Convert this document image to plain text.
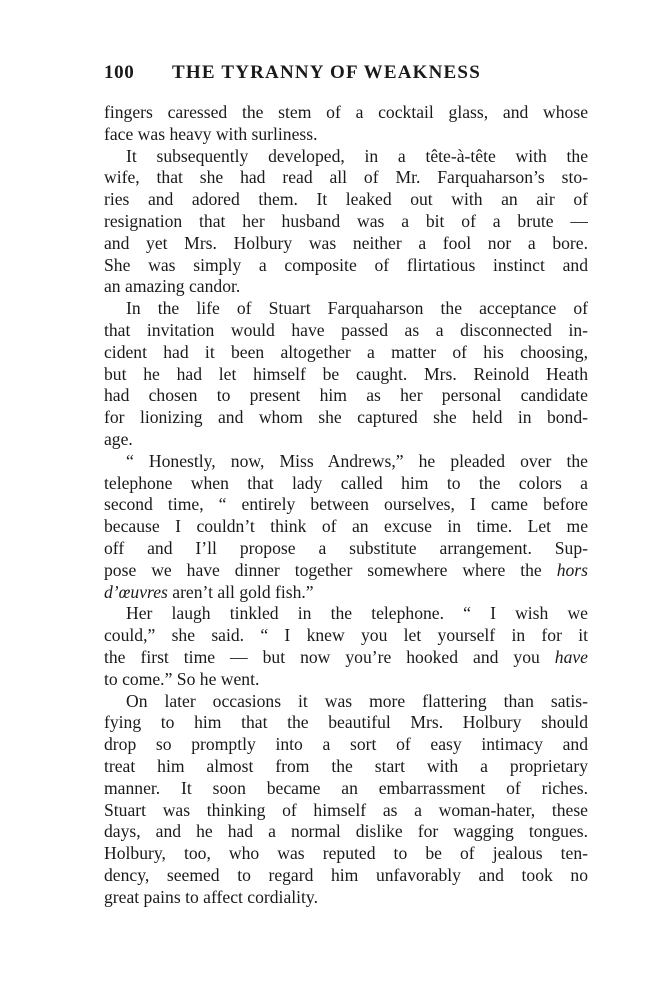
100	THE TYRANNY OF WEAKNESS
fingers caressed the stem of a cocktail glass, and whose
face was heavy with surliness.
It subsequently developed, in a tête-à-tête with the
wife, that she had read all of Mr. Farquaharson’s sto-
ries and adored them. It leaked out with an air of
resignation that her husband was a bit of a brute —
and yet Mrs. Holbury was neither a fool nor a bore.
She was simply a composite of flirtatious instinct and
an amazing candor.
In the life of Stuart Farquaharson the acceptance of
that invitation would have passed as a disconnected in-
cident had it been altogether a matter of his choosing,
but he had let himself be caught. Mrs. Reinold Heath
had chosen to present him as her personal candidate
for lionizing and whom she captured she held in bond-
age.
“ Honestly, now, Miss Andrews,” he pleaded over the
telephone when that lady called him to the colors a
second time, “ entirely between ourselves, I came before
because I couldn’t think of an excuse in time. Let me
off and I’ll propose a substitute arrangement. Sup-
pose we have dinner together somewhere where the hors
d’œuvres aren’t all gold fish.”
Her laugh tinkled in the telephone. “ I wish we
could,” she said. “ I knew you let yourself in for it
the first time — but now you’re hooked and you have
to come.” So he went.
On later occasions it was more flattering than satis-
fying to him that the beautiful Mrs. Holbury should
drop so promptly into a sort of easy intimacy and
treat him almost from the start with a proprietary
manner. It soon became an embarrassment of riches.
Stuart was thinking of himself as a woman-hater, these
days, and he had a normal dislike for wagging tongues.
Holbury, too, who was reputed to be of jealous ten-
dency, seemed to regard him unfavorably and took no
great pains to affect cordiality.
